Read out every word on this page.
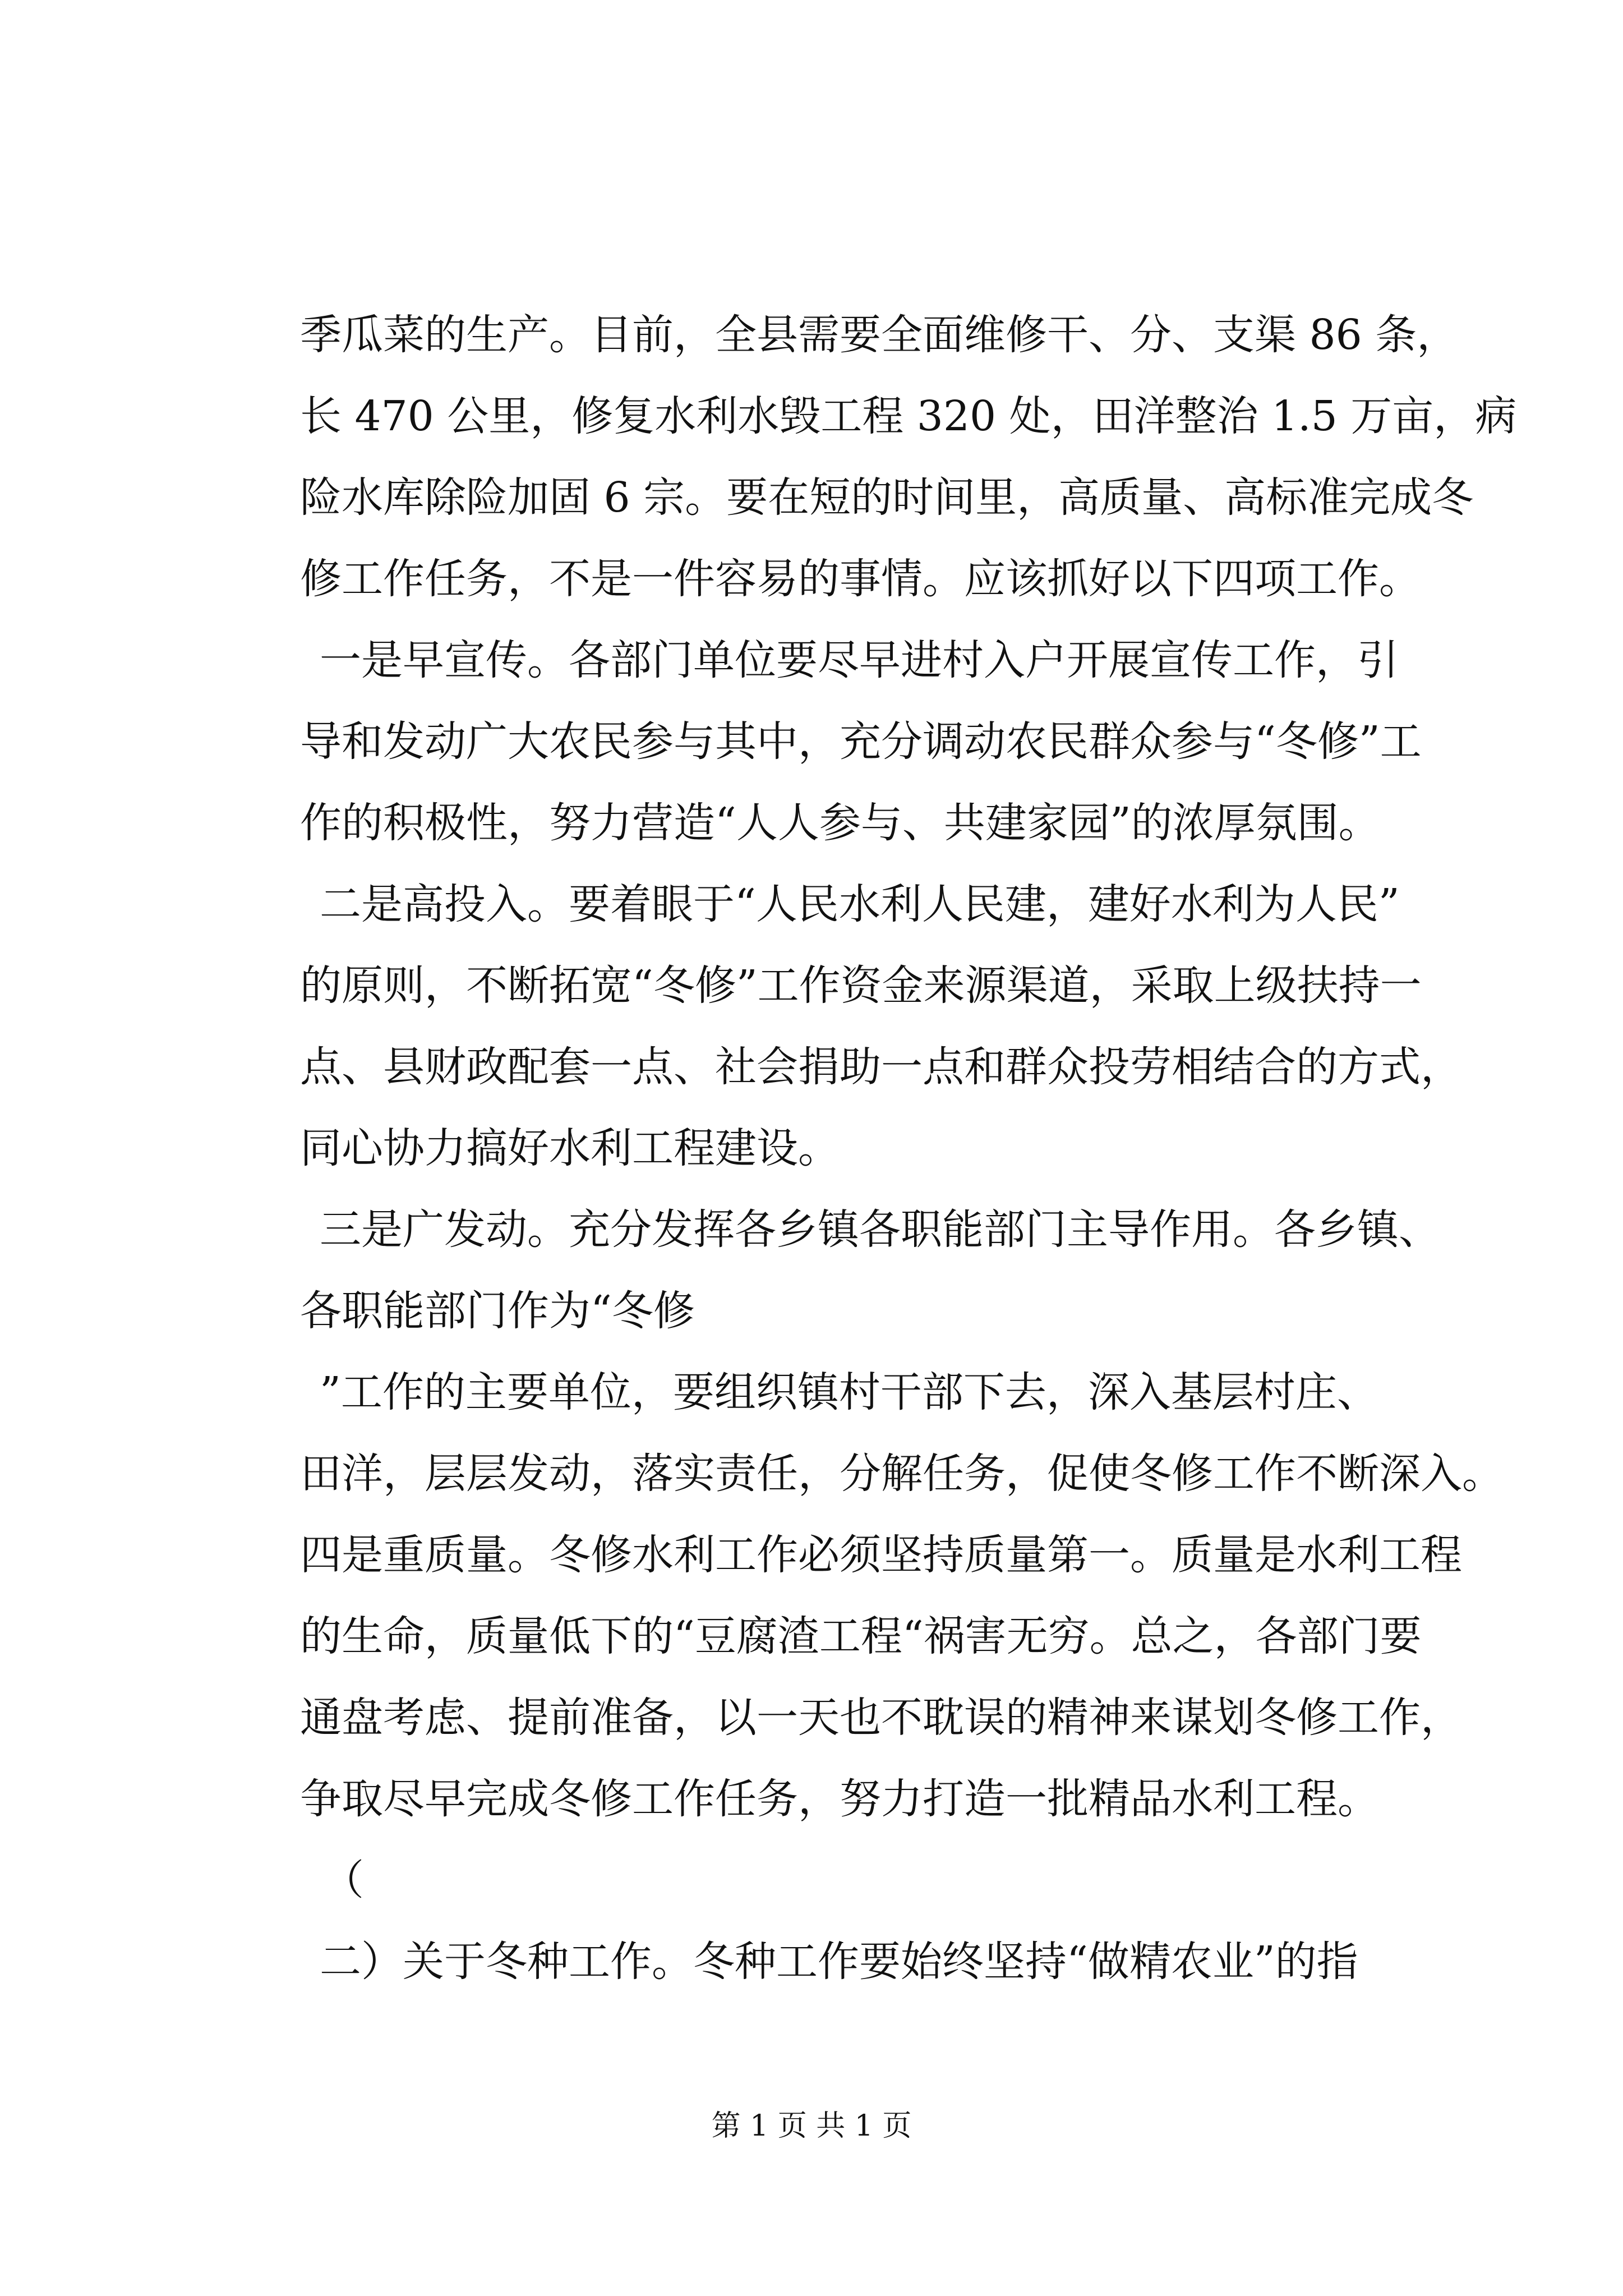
季瓜菜的生产。目前，全县需要全面维修干、分、支渠 86 条，
长 470 公里，修复水利水毁工程 320 处，田洋整治 1.5 万亩，病
险水库除险加固 6 宗。要在短的时间里，高质量、高标准完成冬
修工作任务，不是一件容易的事情。应该抓好以下四项工作。
一是早宣传。各部门单位要尽早进村入户开展宣传工作，引
导和发动广大农民参与其中，充分调动农民群众参与“冬修”工
作的积极性，努力营造“人人参与、共建家园”的浓厚氛围。
二是高投入。要着眼于“人民水利人民建，建好水利为人民”
的原则，不断拓宽“冬修”工作资金来源渠道，采取上级扶持一
点、县财政配套一点、社会捐助一点和群众投劳相结合的方式，
同心协力搞好水利工程建设。
三是广发动。充分发挥各乡镇各职能部门主导作用。各乡镇、
各职能部门作为“冬修
”工作的主要单位，要组织镇村干部下去，深入基层村庄、
田洋，层层发动，落实责任，分解任务，促使冬修工作不断深入。
四是重质量。冬修水利工作必须坚持质量第一。质量是水利工程
的生命，质量低下的“豆腐渣工程“祸害无穷。总之，各部门要
通盘考虑、提前准备，以一天也不耽误的精神来谋划冬修工作，
争取尽早完成冬修工作任务，努力打造一批精品水利工程。
（
二）关于冬种工作。冬种工作要始终坚持“做精农业”的指
第 1 页 共 1 页
